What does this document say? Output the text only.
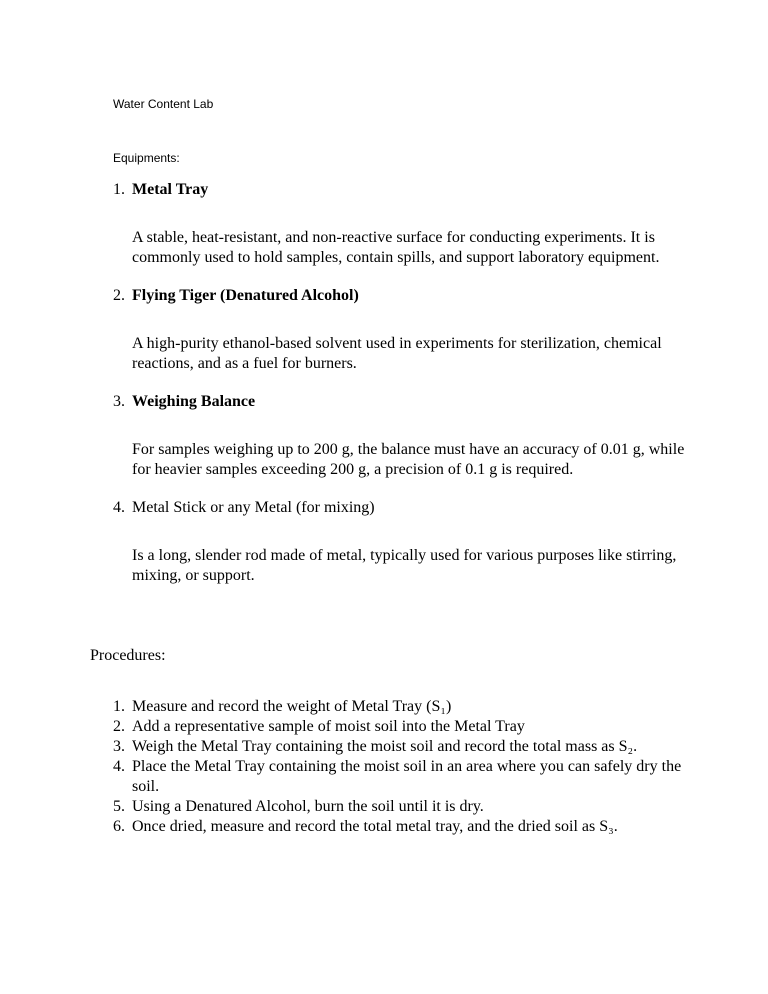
Water Content Lab
Equipments:
1. Metal Tray
A stable, heat-resistant, and non-reactive surface for conducting experiments. It is commonly used to hold samples, contain spills, and support laboratory equipment.
2. Flying Tiger (Denatured Alcohol)
A high-purity ethanol-based solvent used in experiments for sterilization, chemical reactions, and as a fuel for burners.
3. Weighing Balance
For samples weighing up to 200 g, the balance must have an accuracy of 0.01 g, while for heavier samples exceeding 200 g, a precision of 0.1 g is required.
4. Metal Stick or any Metal (for mixing)
Is a long, slender rod made of metal, typically used for various purposes like stirring, mixing, or support.
Procedures:
1. Measure and record the weight of Metal Tray (S₁)
2. Add a representative sample of moist soil into the Metal Tray
3. Weigh the Metal Tray containing the moist soil and record the total mass as S₂.
4. Place the Metal Tray containing the moist soil in an area where you can safely dry the soil.
5. Using a Denatured Alcohol, burn the soil until it is dry.
6. Once dried, measure and record the total metal tray, and the dried soil as S₃.
